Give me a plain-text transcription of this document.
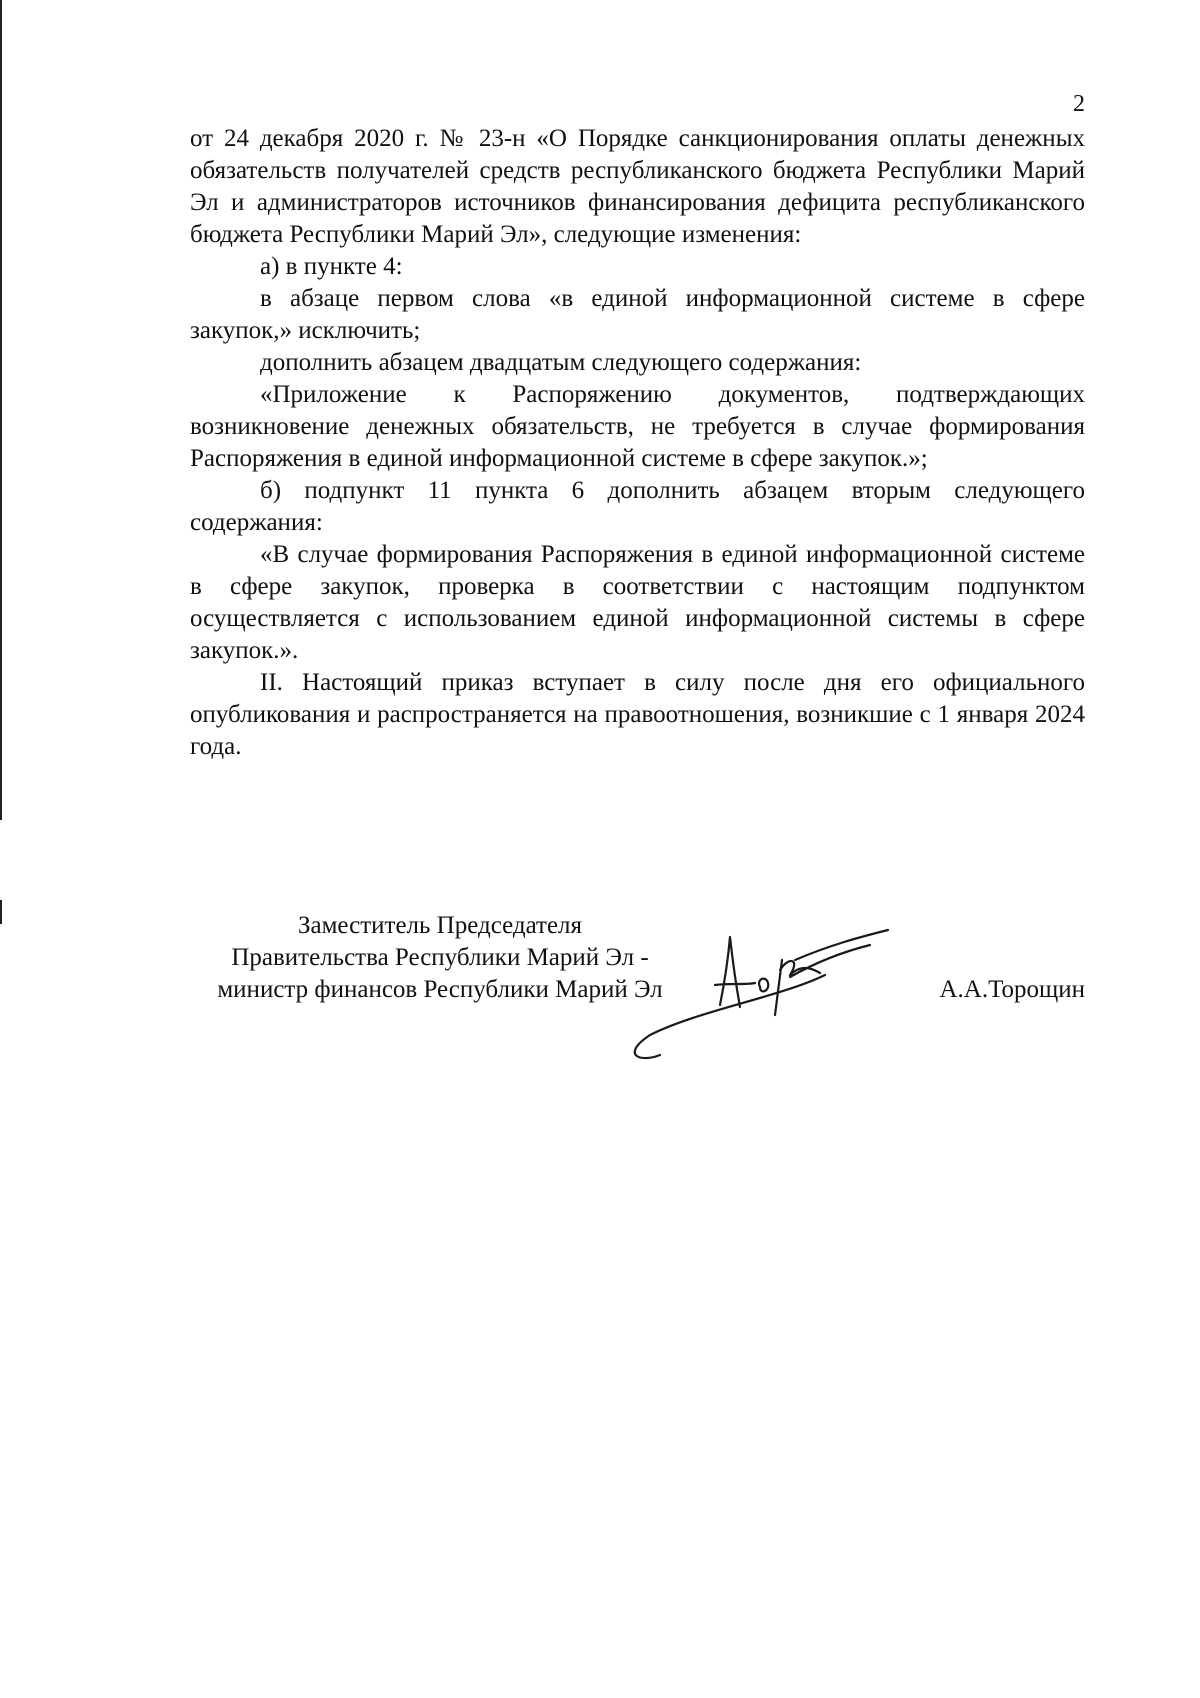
2

от 24 декабря 2020 г. № 23-н «О Порядке санкционирования оплаты денежных обязательств получателей средств республиканского бюджета Республики Марий Эл и администраторов источников финансирования дефицита республиканского бюджета Республики Марий Эл», следующие изменения:

а) в пункте 4:

в абзаце первом слова «в единой информационной системе в сфере закупок,» исключить;

дополнить абзацем двадцатым следующего содержания:

«Приложение к Распоряжению документов, подтверждающих возникновение денежных обязательств, не требуется в случае формирования Распоряжения в единой информационной системе в сфере закупок.»;

б) подпункт 11 пункта 6 дополнить абзацем вторым следующего содержания:

«В случае формирования Распоряжения в единой информационной системе в сфере закупок, проверка в соответствии с настоящим подпунктом осуществляется с использованием единой информационной системы в сфере закупок.».

II. Настоящий приказ вступает в силу после дня его официального опубликования и распространяется на правоотношения, возникшие с 1 января 2024 года.

Заместитель Председателя
Правительства Республики Марий Эл -
министр финансов Республики Марий Эл	А.А.Торощин
